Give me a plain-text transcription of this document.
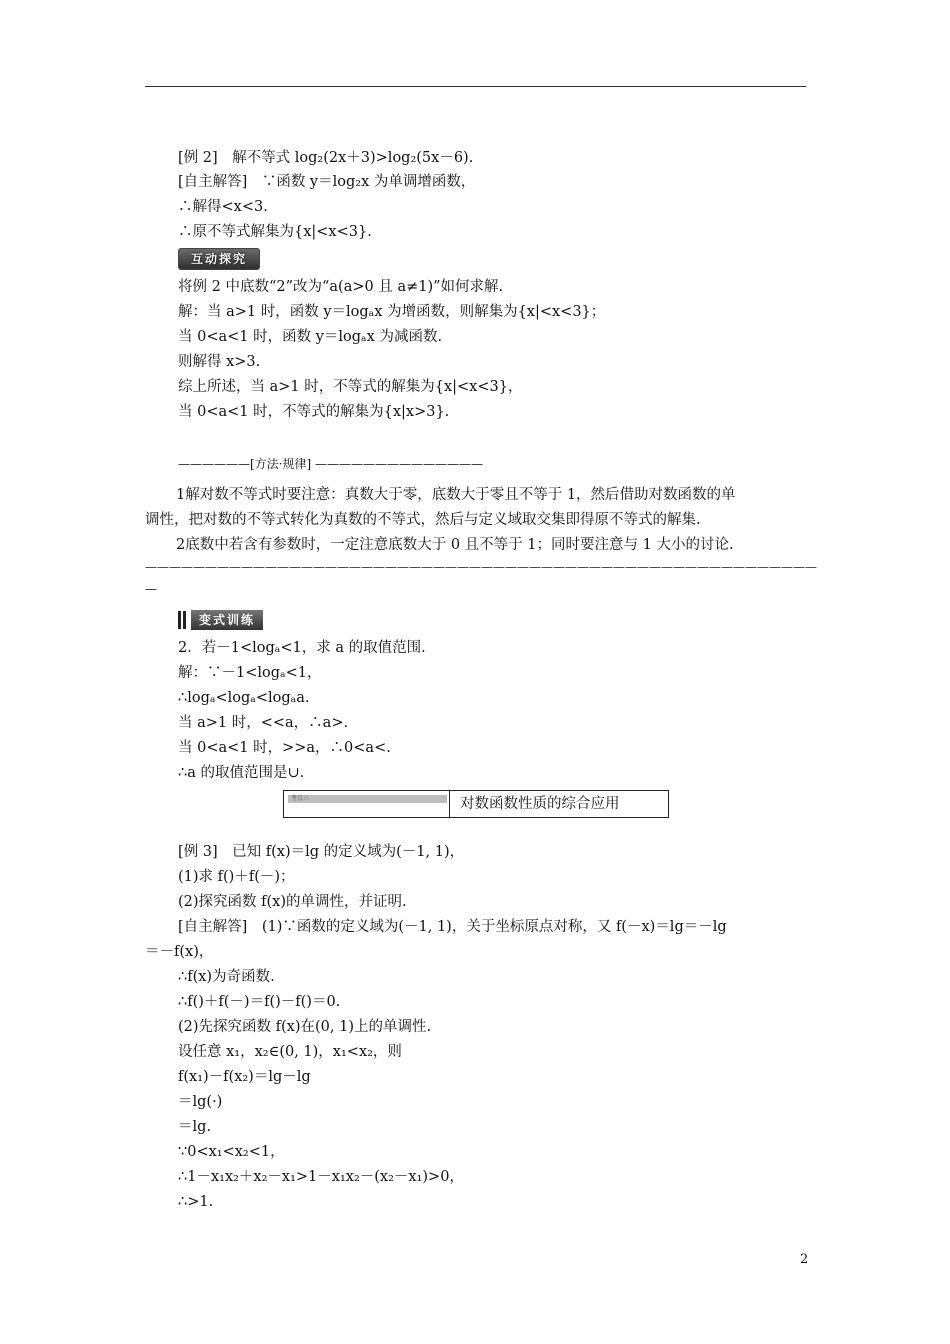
[例 2]　解不等式 log₂(2x＋3)>log₂(5x－6).
[自主解答]　∵函数 y＝log₂x 为单调增函数，
∴解得<x<3.
∴原不等式解集为{x|<x<3}.
互动探究
将例 2 中底数“2”改为“a(a>0 且 a≠1)”如何求解.
解：当 a>1 时，函数 y＝logₐx 为增函数，则解集为{x|<x<3}；
当 0<a<1 时，函数 y＝logₐx 为减函数.
则解得 x>3.
综上所述，当 a>1 时，不等式的解集为{x|<x<3}，
当 0<a<1 时，不等式的解集为{x|x>3}.
——————[方法·规律] ——————————————
1解对数不等式时要注意：真数大于零，底数大于零且不等于 1，然后借助对数函数的单
调性，把对数的不等式转化为真数的不等式，然后与定义域取交集即得原不等式的解集.
2底数中若含有参数时，一定注意底数大于 0 且不等于 1；同时要注意与 1 大小的讨论.
————————————————————————————————————————————————————————
—
变式训练
2．若－1<logₐ<1，求 a 的取值范围.
解：∵－1<logₐ<1，
∴logₐ<logₐ<logₐa.
当 a>1 时，<<a，∴a>.
当 0<a<1 时，>>a，∴0<a<.
∴a 的取值范围是∪.
考点三	对数函数性质的综合应用
[例 3]　已知 f(x)＝lg 的定义域为(－1, 1)，
(1)求 f()＋f(－)；
(2)探究函数 f(x)的单调性，并证明.
[自主解答]　(1)∵函数的定义域为(－1, 1)，关于坐标原点对称，又 f(－x)＝lg＝－lg
＝－f(x)，
∴f(x)为奇函数.
∴f()＋f(－)＝f()－f()＝0.
(2)先探究函数 f(x)在(0, 1)上的单调性.
设任意 x₁，x₂∈(0, 1)，x₁<x₂，则
f(x₁)－f(x₂)＝lg－lg
＝lg(·)
＝lg.
∵0<x₁<x₂<1，
∴1－x₁x₂＋x₂－x₁>1－x₁x₂－(x₂－x₁)>0，
∴>1.
2
